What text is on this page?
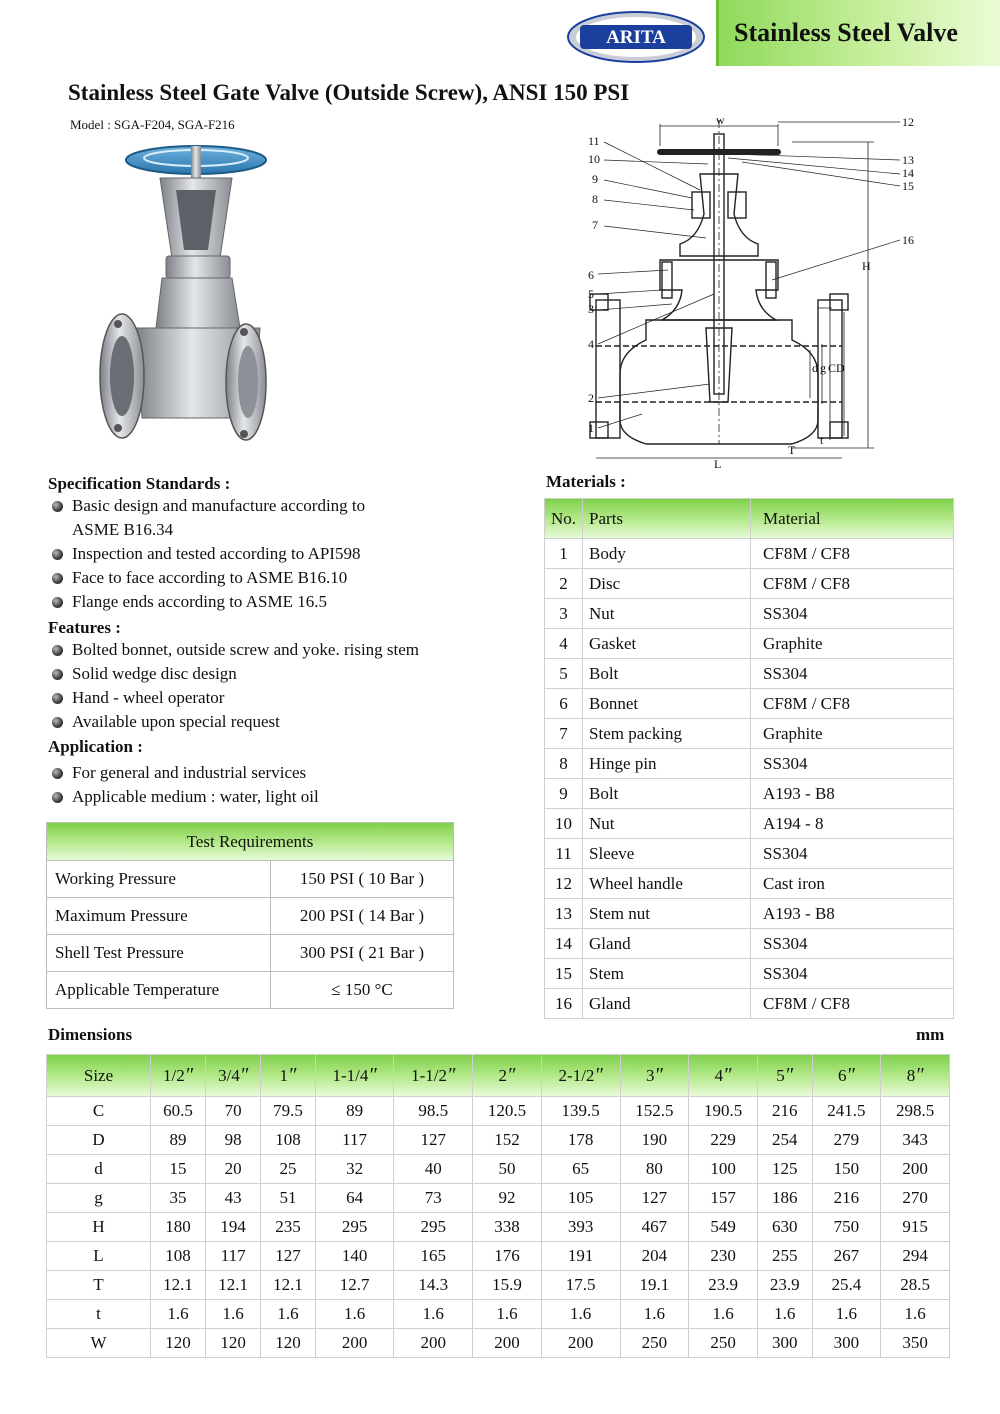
ARITA	Stainless Steel Valve
Stainless Steel Gate Valve (Outside Screw), ANSI 150 PSI
Model : SGA-F204, SGA-F216
11
10
9
8
7
6
5
3
4
2
1
12
13
14
15
16
w
H
L
d g C D
t
T
Specification Standards :
Basic design and manufacture according to
ASME B16.34
Inspection and tested according to API598
Face to face according to ASME B16.10
Flange ends according to ASME 16.5
Features :
Bolted bonnet, outside screw and yoke. rising stem
Solid wedge disc design
Hand - wheel operator
Available upon special request
Application :
For general and industrial services
Applicable medium : water, light oil
Test Requirements	
Working Pressure	150 PSI ( 10 Bar )
Maximum Pressure	200 PSI ( 14 Bar )
Shell Test Pressure	300 PSI ( 21 Bar )
Applicable Temperature	≤ 150 °C
Materials :
No.	Parts	Material
1	Body	CF8M / CF8
2	Disc	CF8M / CF8
3	Nut	SS304
4	Gasket	Graphite
5	Bolt	SS304
6	Bonnet	CF8M / CF8
7	Stem packing	Graphite
8	Hinge pin	SS304
9	Bolt	A193 - B8
10	Nut	A194 - 8
11	Sleeve	SS304
12	Wheel handle	Cast iron
13	Stem nut	A193 - B8
14	Gland	SS304
15	Stem	SS304
16	Gland	CF8M / CF8
Dimensions	mm
Size	1/2″	3/4″	1″	1-1/4″	1-1/2″	2″	2-1/2″	3″	4″	5″	6″	8″
C	60.5	70	79.5	89	98.5	120.5	139.5	152.5	190.5	216	241.5	298.5
D	89	98	108	117	127	152	178	190	229	254	279	343
d	15	20	25	32	40	50	65	80	100	125	150	200
g	35	43	51	64	73	92	105	127	157	186	216	270
H	180	194	235	295	295	338	393	467	549	630	750	915
L	108	117	127	140	165	176	191	204	230	255	267	294
T	12.1	12.1	12.1	12.7	14.3	15.9	17.5	19.1	23.9	23.9	25.4	28.5
t	1.6	1.6	1.6	1.6	1.6	1.6	1.6	1.6	1.6	1.6	1.6	1.6
W	120	120	120	200	200	200	200	250	250	300	300	350
